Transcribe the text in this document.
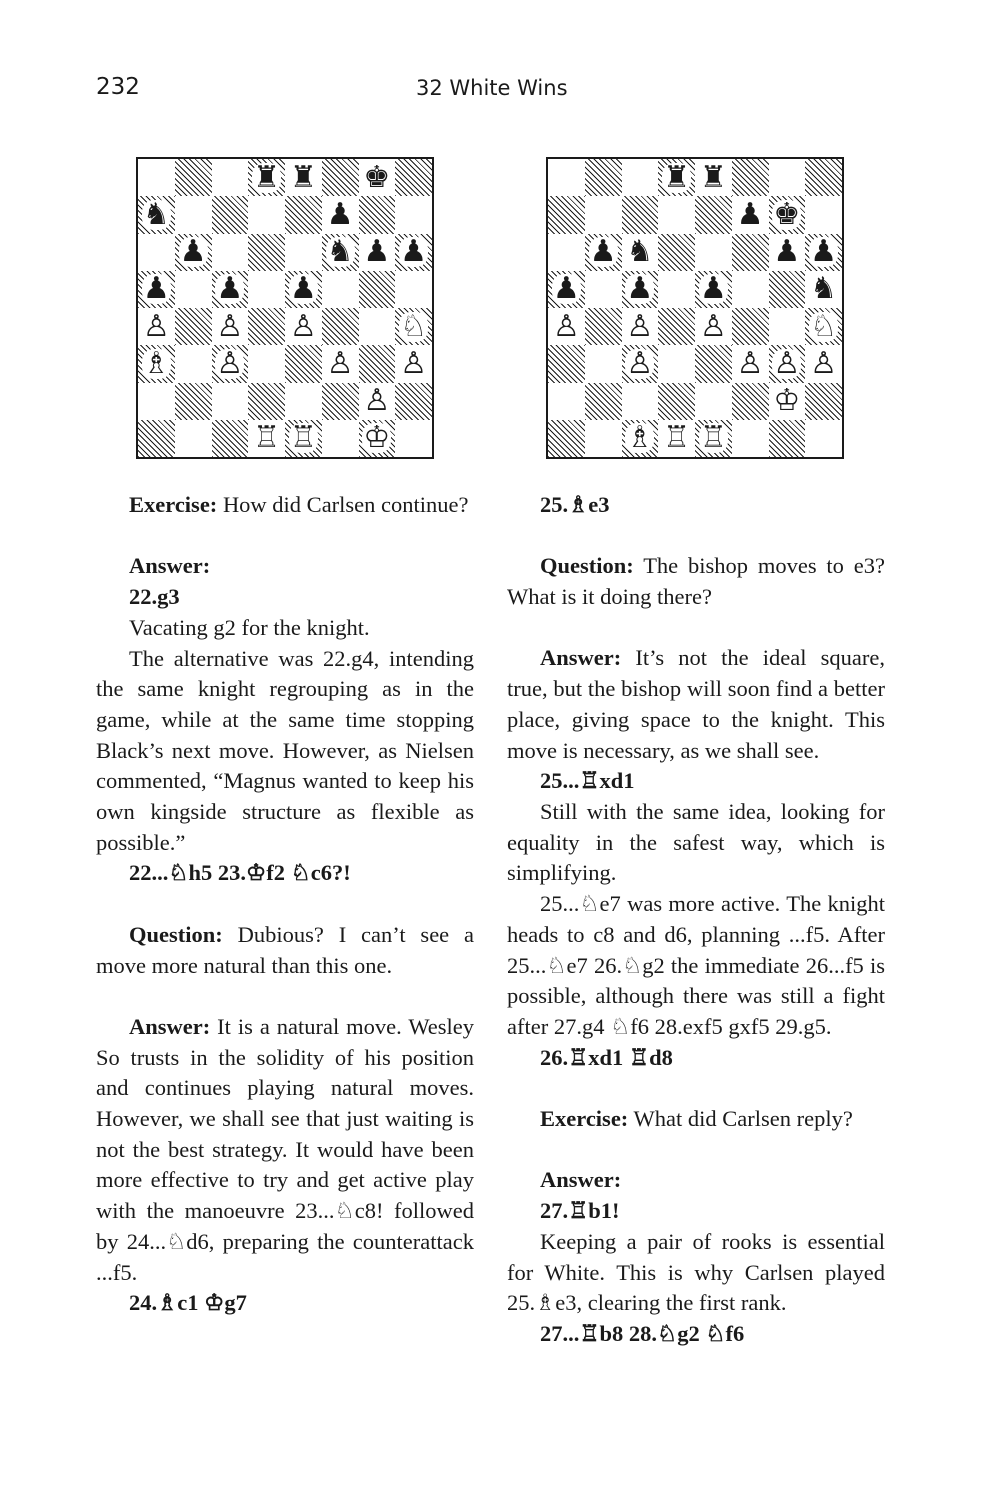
232	32 White Wins
♜ ♜ ♚
♞	♟
♟	♞ ♟ ♟
♟ ♟ ♟
♙ ♙ ♙	♘
♗ ♙	♙ ♙
♙
♖ ♖ ♔
♜ ♜
♟ ♚
♟ ♞	♟ ♟
♟ ♟ ♟	♞
♙ ♙ ♙	♘
♙	♙ ♙ ♙
♔
♗ ♖ ♖

Exercise: How did Carlsen continue?

Answer:

22.g3

Vacating g2 for the knight.

The alternative was 22.g4, intending the same knight regrouping as in the game, while at the same time stopping Black’s next move. However, as Nielsen commented, “Magnus wanted to keep his own kingside structure as flexible as possible.”

22...♘h5 23.♔f2 ♘c6?!

Question: Dubious? I can’t see a move more natural than this one.

Answer: It is a natural move. Wesley So trusts in the solidity of his position and continues playing natural moves. However, we shall see that just waiting is not the best strategy. It would have been more effective to try and get active play with the manoeuvre 23...♘c8! followed by 24...♘d6, preparing the counterattack ...f5.

24.♗c1 ♔g7

25.♗e3

Question: The bishop moves to e3? What is it doing there?

Answer: It’s not the ideal square, true, but the bishop will soon find a better place, giving space to the knight. This move is necessary, as we shall see.

25...♖xd1

Still with the same idea, looking for equality in the safest way, which is simplifying.

25...♘e7 was more active. The knight heads to c8 and d6, planning ...f5. After 25...♘e7 26.♘g2 the immediate 26...f5 is possible, although there was still a fight after 27.g4 ♘f6 28.exf5 gxf5 29.g5.

26.♖xd1 ♖d8

Exercise: What did Carlsen reply?

Answer:

27.♖b1!

Keeping a pair of rooks is essential for White. This is why Carlsen played 25.♗e3, clearing the first rank.

27...♖b8 28.♘g2 ♘f6
